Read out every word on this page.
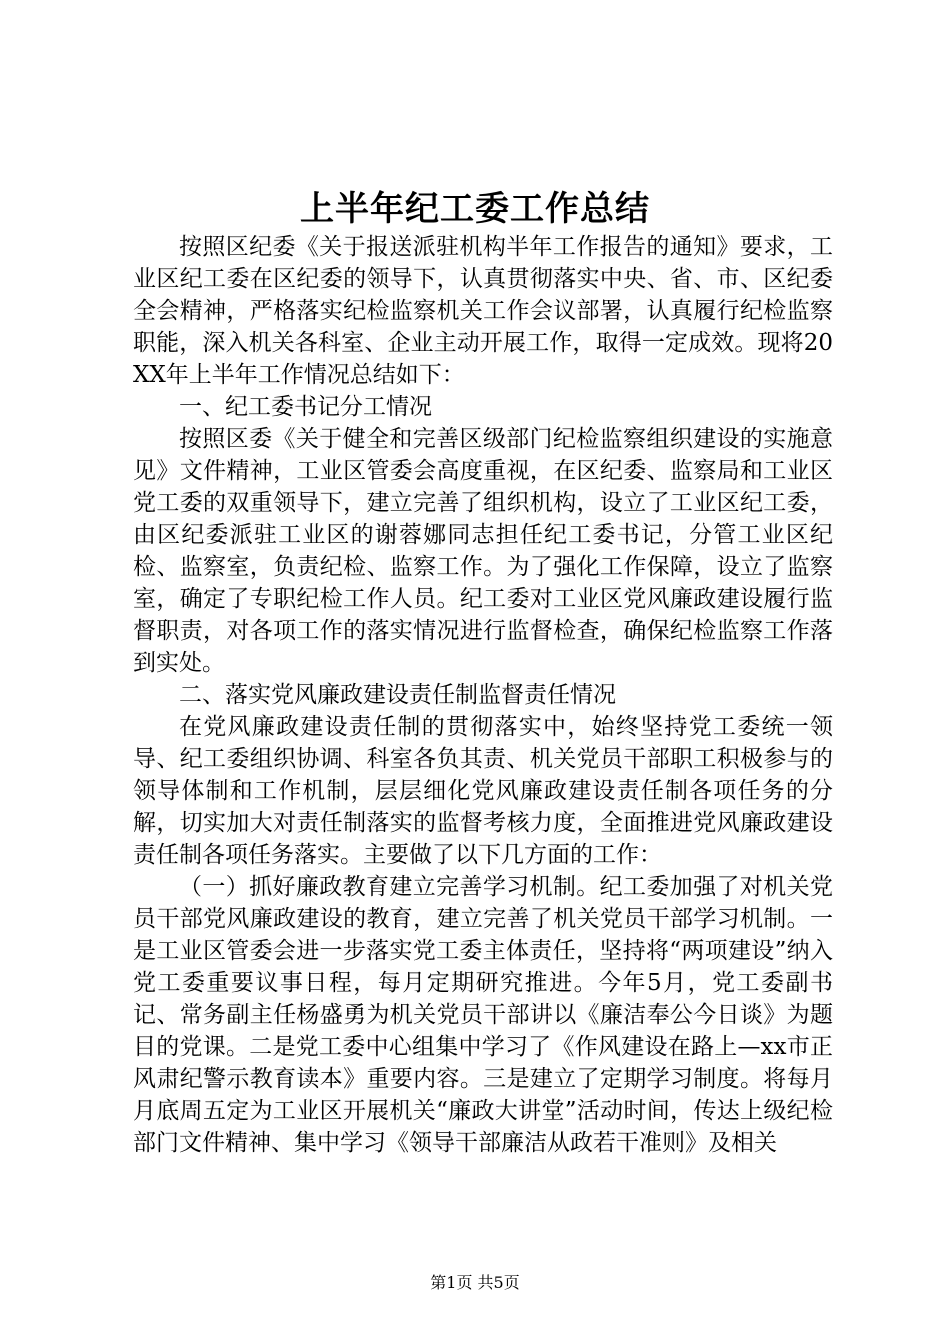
上半年纪工委工作总结

按照区纪委《关于报送派驻机构半年工作报告的通知》要求，工业区纪工委在区纪委的领导下，认真贯彻落实中央、省、市、区纪委全会精神，严格落实纪检监察机关工作会议部署，认真履行纪检监察职能，深入机关各科室、企业主动开展工作，取得一定成效。现将20XX年上半年工作情况总结如下：

一、纪工委书记分工情况

按照区委《关于健全和完善区级部门纪检监察组织建设的实施意见》文件精神，工业区管委会高度重视，在区纪委、监察局和工业区党工委的双重领导下，建立完善了组织机构，设立了工业区纪工委，由区纪委派驻工业区的谢蓉娜同志担任纪工委书记，分管工业区纪检、监察室，负责纪检、监察工作。为了强化工作保障，设立了监察室，确定了专职纪检工作人员。纪工委对工业区党风廉政建设履行监督职责，对各项工作的落实情况进行监督检查，确保纪检监察工作落到实处。

二、落实党风廉政建设责任制监督责任情况

在党风廉政建设责任制的贯彻落实中，始终坚持党工委统一领导、纪工委组织协调、科室各负其责、机关党员干部职工积极参与的领导体制和工作机制，层层细化党风廉政建设责任制各项任务的分解，切实加大对责任制落实的监督考核力度，全面推进党风廉政建设责任制各项任务落实。主要做了以下几方面的工作：

（一）抓好廉政教育建立完善学习机制。纪工委加强了对机关党员干部党风廉政建设的教育，建立完善了机关党员干部学习机制。一是工业区管委会进一步落实党工委主体责任，坚持将“两项建设”纳入党工委重要议事日程，每月定期研究推进。今年5月，党工委副书记、常务副主任杨盛勇为机关党员干部讲以《廉洁奉公今日谈》为题目的党课。二是党工委中心组集中学习了《作风建设在路上—xx市正风肃纪警示教育读本》重要内容。三是建立了定期学习制度。将每月月底周五定为工业区开展机关“廉政大讲堂”活动时间，传达上级纪检部门文件精神、集中学习《领导干部廉洁从政若干准则》及相关

第1页 共5页
